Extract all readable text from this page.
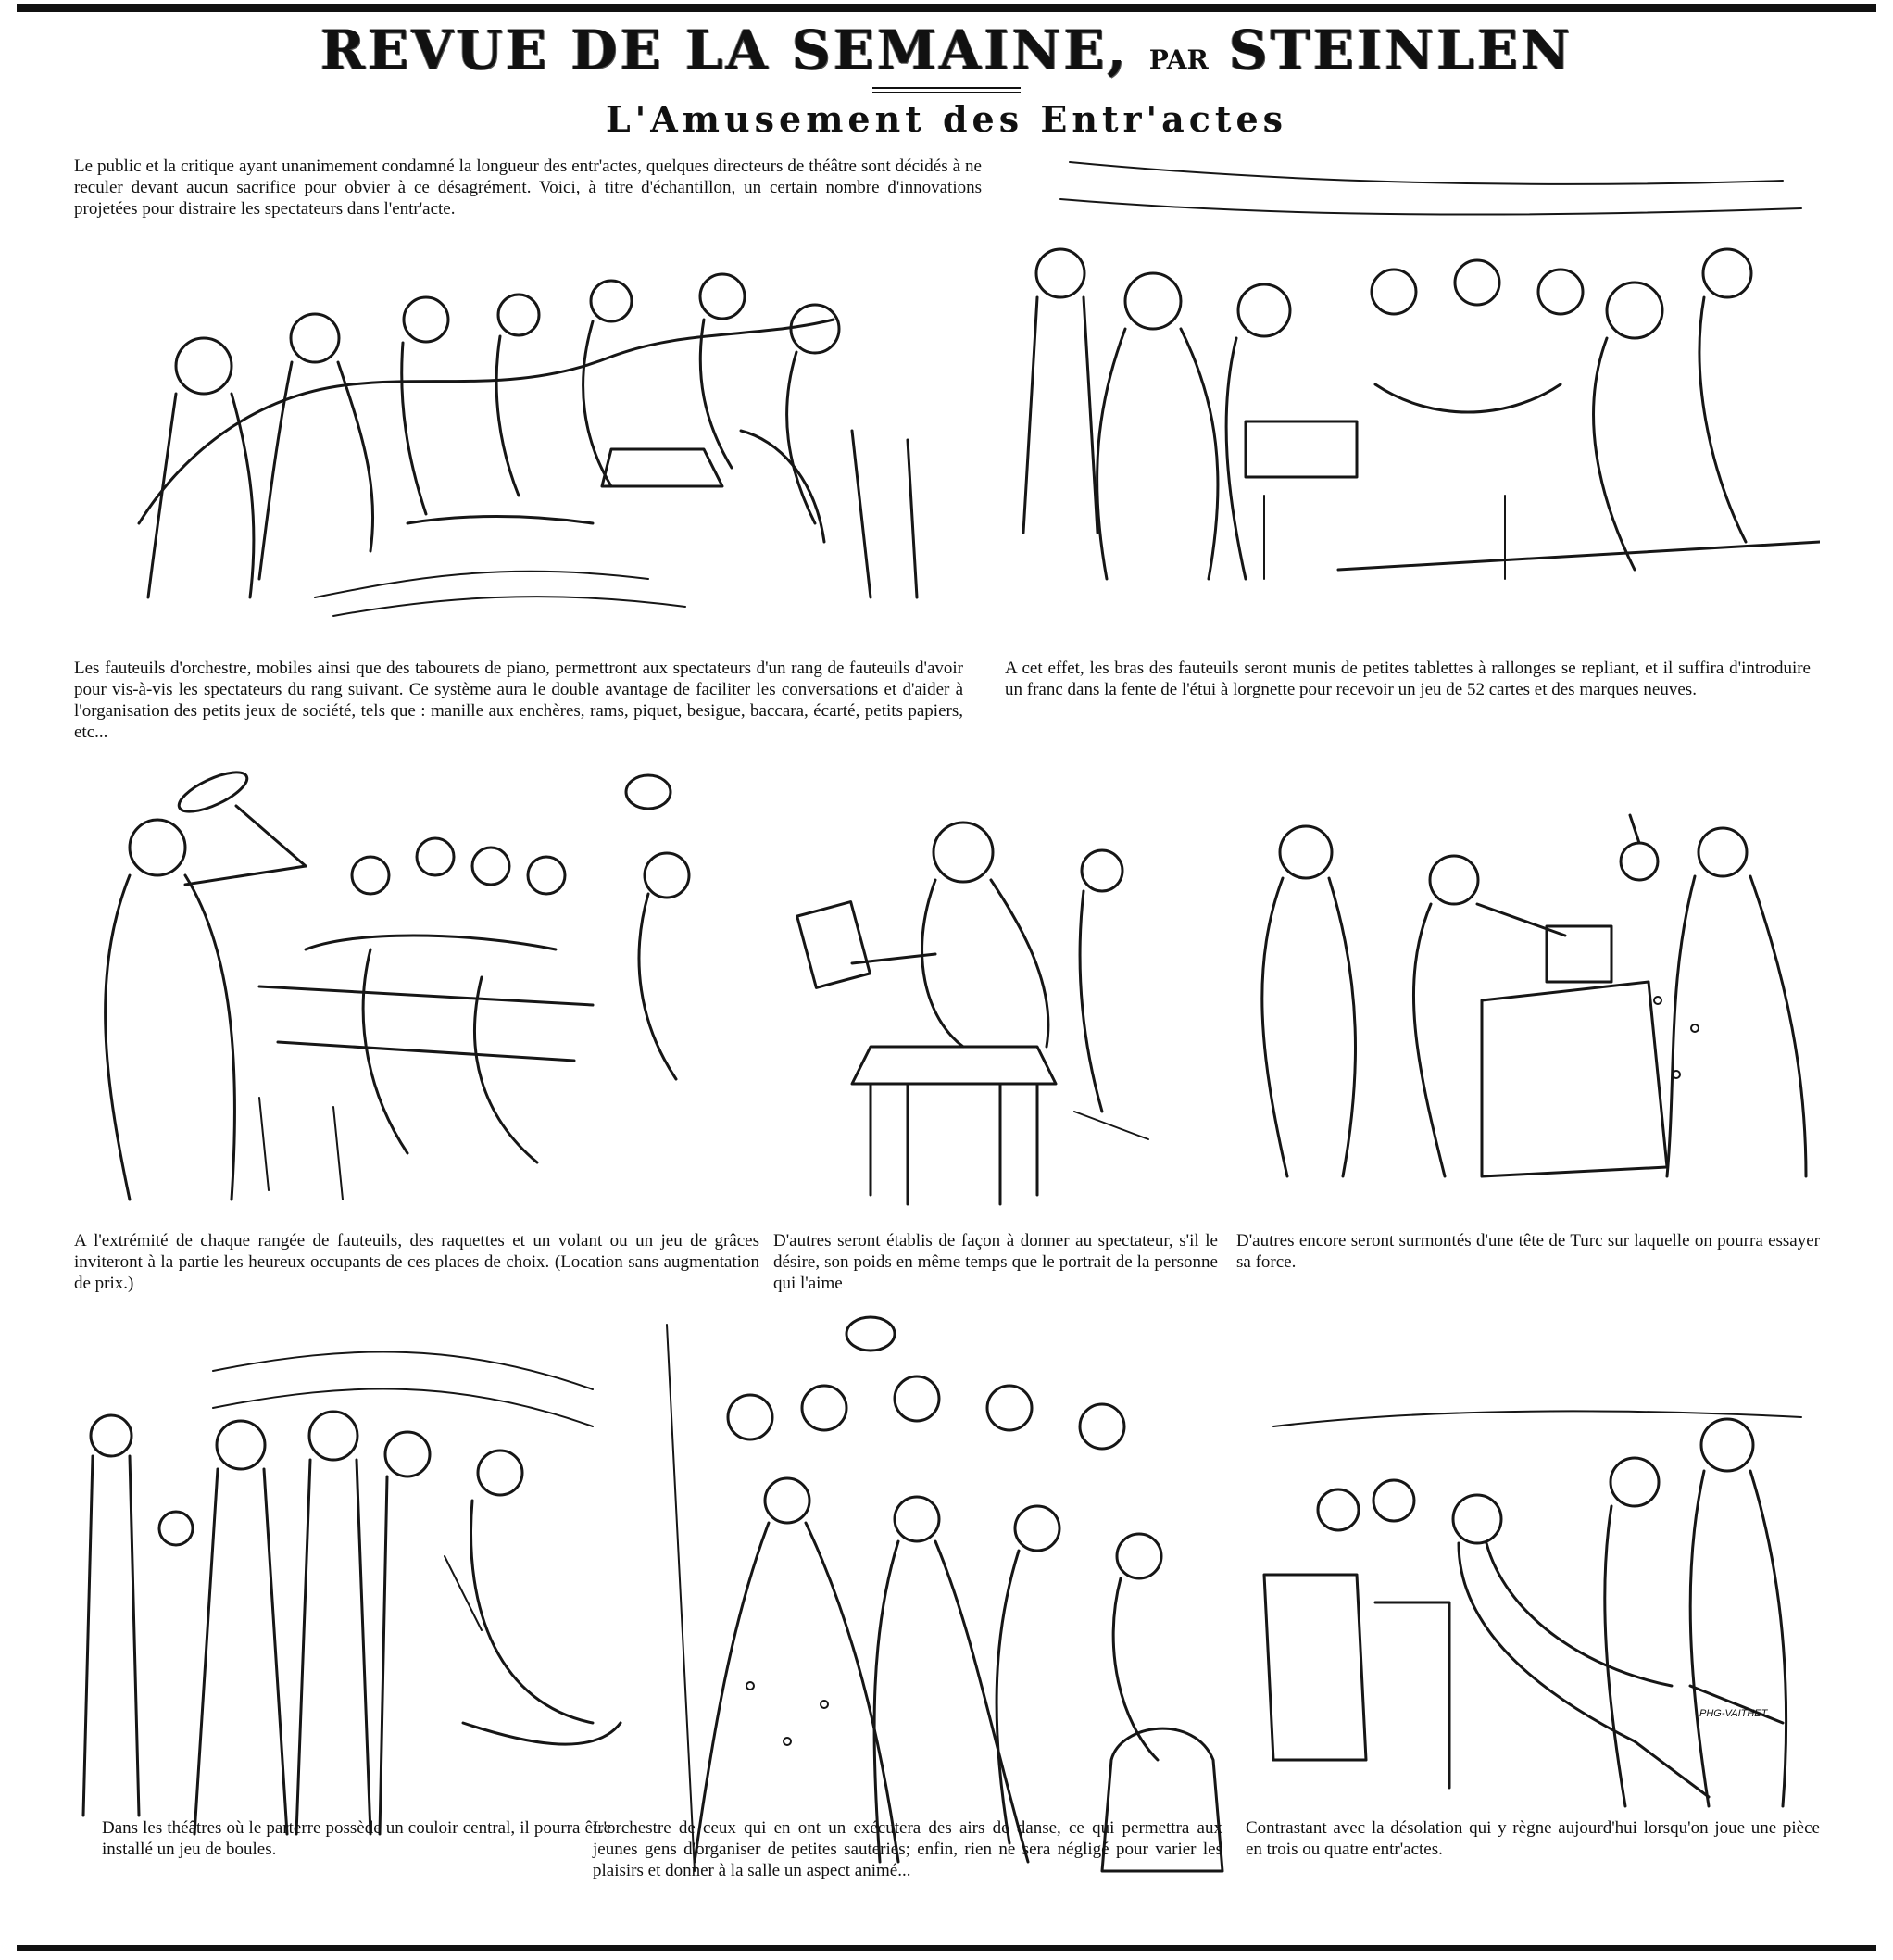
REVUE DE LA SEMAINE, PAR STEINLEN
L'Amusement des Entr'actes

Le public et la critique ayant unanimement condamné la longueur des entr'actes, quelques directeurs de théâtre sont décidés à ne reculer devant aucun sacrifice pour obvier à ce désagrément. Voici, à titre d'échantillon, un certain nombre d'innovations projetées pour distraire les spectateurs dans l'entr'acte.

Les fauteuils d'orchestre, mobiles ainsi que des tabourets de piano, permettront aux spectateurs d'un rang de fauteuils d'avoir pour vis-à-vis les spectateurs du rang suivant. Ce système aura le double avantage de faciliter les conversations et d'aider à l'organisation des petits jeux de société, tels que : manille aux enchères, rams, piquet, besigue, baccara, écarté, petits papiers, etc...

A cet effet, les bras des fauteuils seront munis de petites tablettes à rallonges se repliant, et il suffira d'introduire un franc dans la fente de l'étui à lorgnette pour recevoir un jeu de 52 cartes et des marques neuves.

A l'extrémité de chaque rangée de fauteuils, des raquettes et un volant ou un jeu de grâces inviteront à la partie les heureux occupants de ces places de choix. (Location sans augmentation de prix.)

D'autres seront établis de façon à donner au spectateur, s'il le désire, son poids en même temps que le portrait de la personne qui l'aime

D'autres encore seront surmontés d'une tête de Turc sur laquelle on pourra essayer sa force.

PHG-VAITHET

Dans les théâtres où le parterre possède un couloir central, il pourra être installé un jeu de boules.

L'orchestre de ceux qui en ont un exécutera des airs de danse, ce qui permettra aux jeunes gens d'organiser de petites sauteries; enfin, rien ne sera négligé pour varier les plaisirs et donner à la salle un aspect animé...

Contrastant avec la désolation qui y règne aujourd'hui lorsqu'on joue une pièce en trois ou quatre entr'actes.
